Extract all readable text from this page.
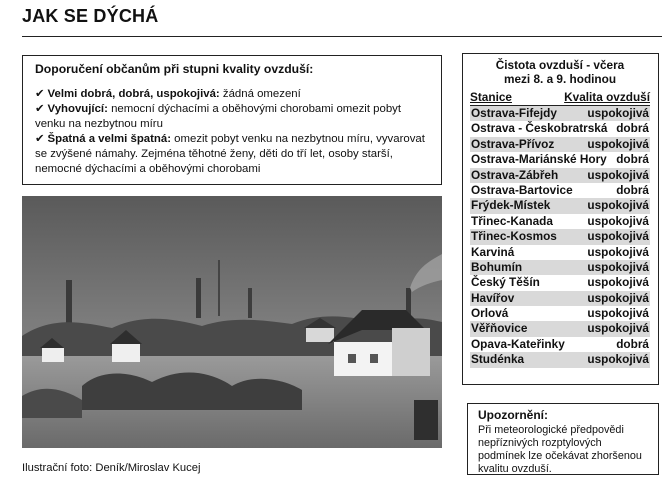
JAK SE DÝCHÁ
Doporučení občanům při stupni kvality ovzduší:
✔ Velmi dobrá, dobrá, uspokojivá: žádná omezení
✔ Vyhovující: nemocní dýchacími a oběhovými chorobami omezit pobyt venku na nezbytnou míru
✔ Špatná a velmi špatná: omezit pobyt venku na nezbytnou míru, vyvarovat se zvýšené námahy. Zejména těhotné ženy, děti do tří let, osoby starší, nemocné dýchacími a oběhovými chorobami
Ilustrační foto: Deník/Miroslav Kucej
Čistota ovzduší - včera
mezi 8. a 9. hodinou
Stanice	Kvalita ovzduší
Ostrava-Fifejdy	uspokojivá
Ostrava - Českobratrská dobrá
Ostrava-Přívoz	uspokojivá
Ostrava-Mariánské Hory dobrá
Ostrava-Zábřeh uspokojivá
Ostrava-Bartovice	dobrá
Frýdek-Místek	uspokojivá
Třinec-Kanada	uspokojivá
Třinec-Kosmos	uspokojivá
Karviná	uspokojivá
Bohumín	uspokojivá
Český Těšín	uspokojivá
Havířov	uspokojivá
Orlová	uspokojivá
Věřňovice	uspokojivá
Opava-Kateřinky	dobrá
Studénka	uspokojivá
Upozornění:
Při meteorologické předpovědi nepříznivých rozptylových podmínek lze očekávat zhoršenou kvalitu ovzduší.
